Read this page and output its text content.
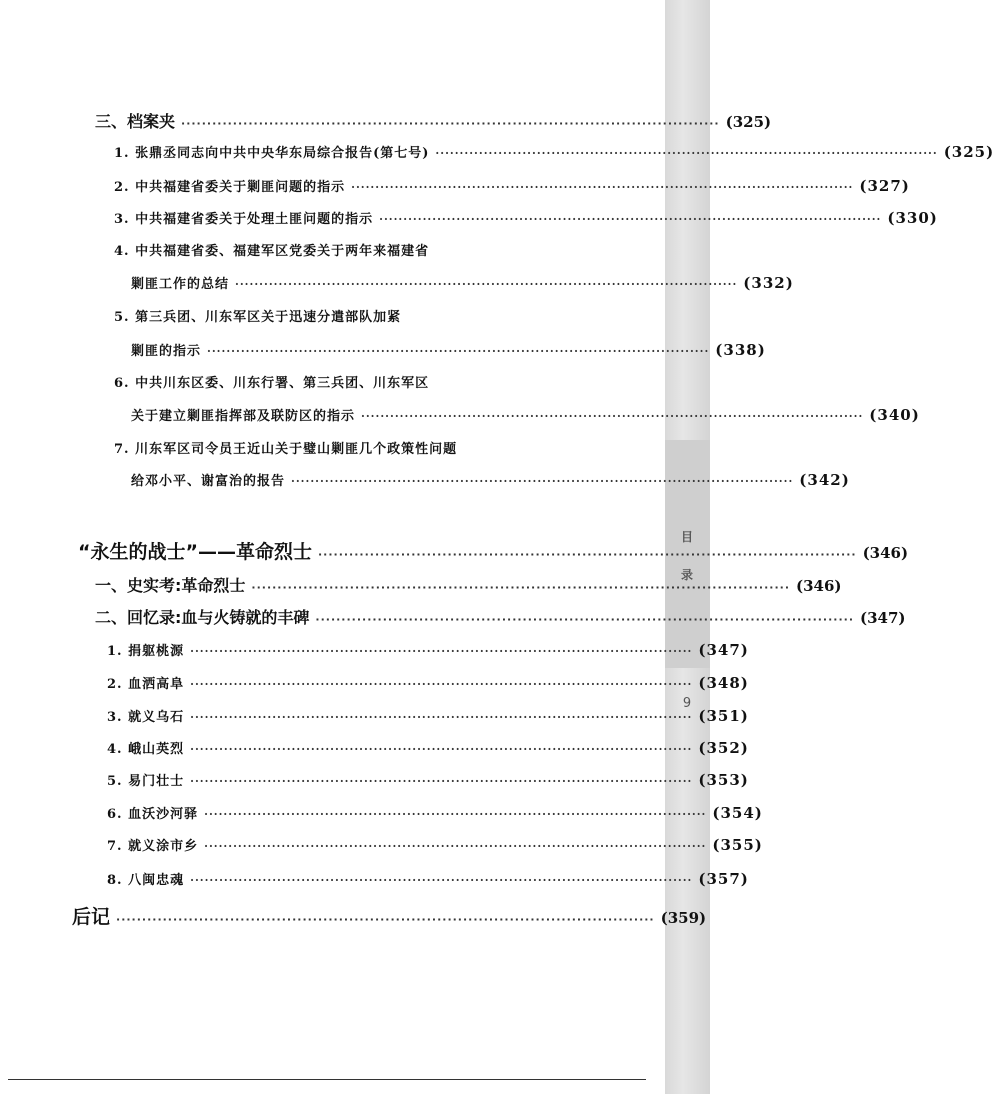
目
录
9
三、档案夹 ········································································································ (325)
1. 张鼎丞同志向中共中央华东局综合报告(第七号) ········································································································ (325)
2. 中共福建省委关于剿匪问题的指示 ········································································································ (327)
3. 中共福建省委关于处理土匪问题的指示 ········································································································ (330)
4. 中共福建省委、福建军区党委关于两年来福建省
剿匪工作的总结 ········································································································ (332)
5. 第三兵团、川东军区关于迅速分遣部队加紧
剿匪的指示 ········································································································ (338)
6. 中共川东区委、川东行署、第三兵团、川东军区
关于建立剿匪指挥部及联防区的指示 ········································································································ (340)
7. 川东军区司令员王近山关于璧山剿匪几个政策性问题
给邓小平、谢富治的报告 ········································································································ (342)
“永生的战士”——革命烈士 ········································································································ (346)
一、史实考:革命烈士 ········································································································ (346)
二、回忆录:血与火铸就的丰碑 ········································································································ (347)
1. 捐躯桃源 ········································································································ (347)
2. 血洒高阜 ········································································································ (348)
3. 就义乌石 ········································································································ (351)
4. 峨山英烈 ········································································································ (352)
5. 易门壮士 ········································································································ (353)
6. 血沃沙河驿 ········································································································ (354)
7. 就义涂市乡 ········································································································ (355)
8. 八闽忠魂 ········································································································ (357)
后记 ········································································································ (359)
